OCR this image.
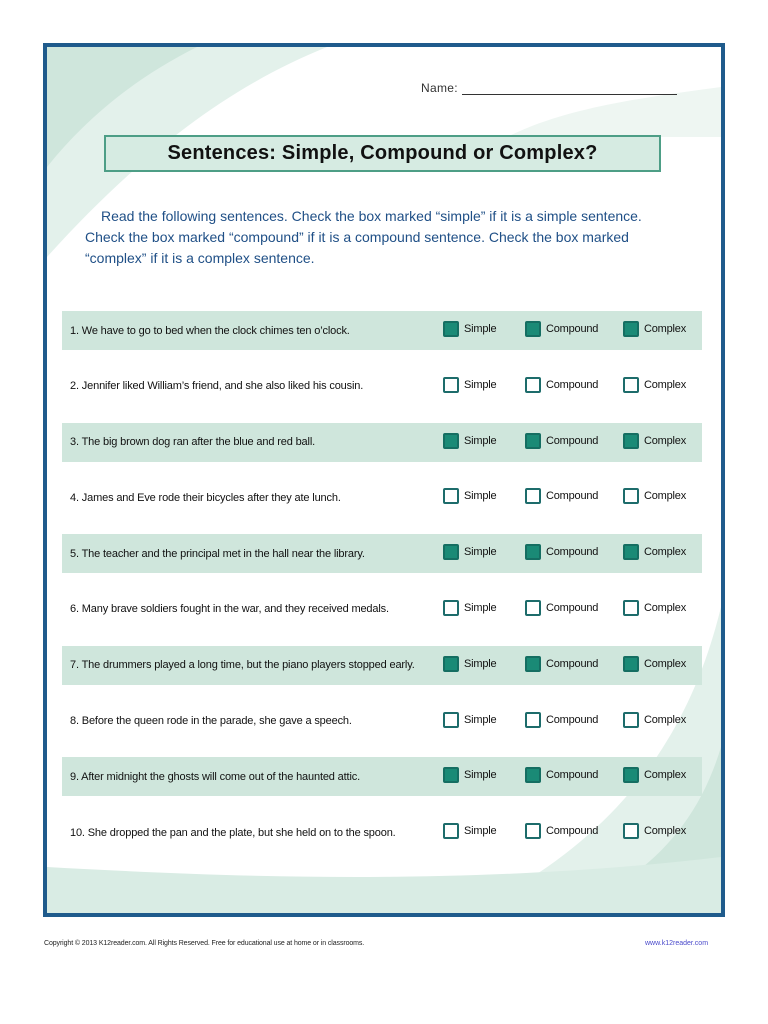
Name:
Sentences: Simple, Compound or Complex?
Read the following sentences. Check the box marked “simple” if it is a simple sentence. Check the box marked “compound” if it is a compound sentence. Check the box marked “complex” if it is a complex sentence.
1. We have to go to bed when the clock chimes ten o’clock.	Simple	Compound	Complex
2. Jennifer liked William’s friend, and she also liked his cousin.	Simple	Compound	Complex
3. The big brown dog ran after the blue and red ball.	Simple	Compound	Complex
4. James and Eve rode their bicycles after they ate lunch.	Simple	Compound	Complex
5. The teacher and the principal met in the hall near the library.	Simple	Compound	Complex
6. Many brave soldiers fought in the war, and they received medals.	Simple	Compound	Complex
7. The drummers played a long time, but the piano players stopped early.	Simple	Compound	Complex
8. Before the queen rode in the parade, she gave a speech.	Simple	Compound	Complex
9. After midnight the ghosts will come out of the haunted attic.	Simple	Compound	Complex
10. She dropped the pan and the plate, but she held on to the spoon.	Simple	Compound	Complex
Copyright © 2013 K12reader.com. All Rights Reserved. Free for educational use at home or in classrooms.	www.k12reader.com
